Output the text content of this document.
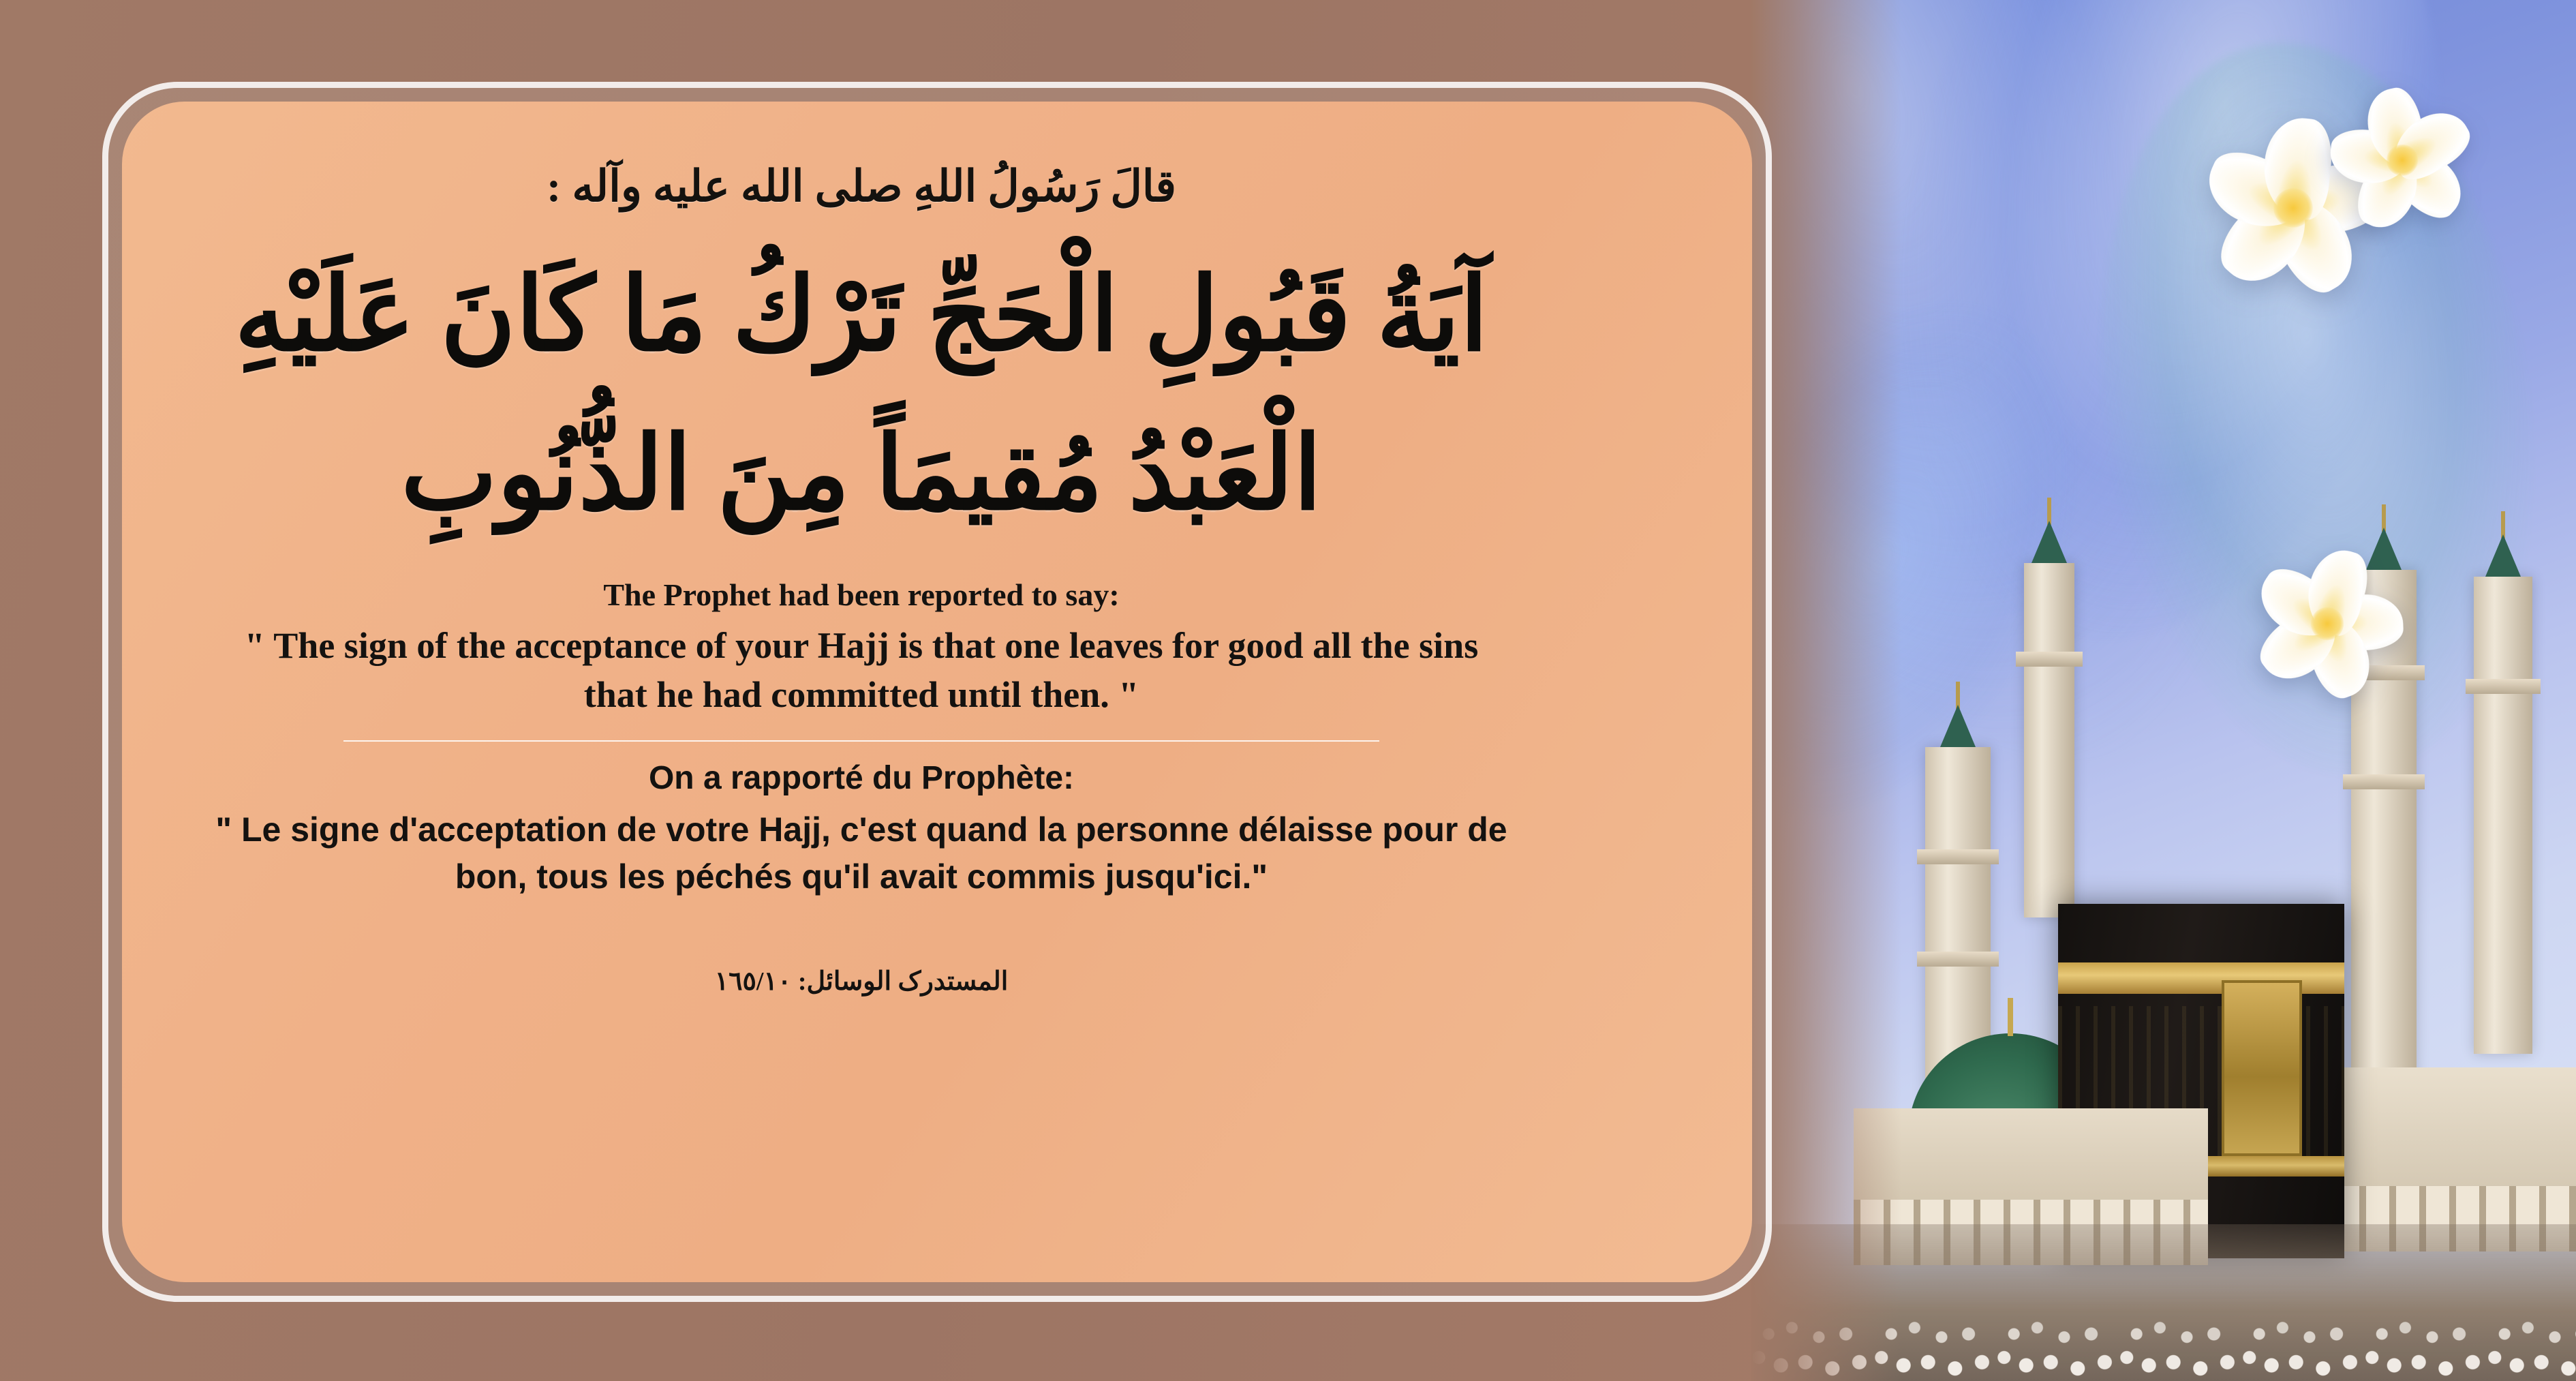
قالَ رَسُولُ اللهِ صلى الله عليه وآله :
آيَةُ قَبُولِ الْحَجِّ تَرْكُ مَا كَانَ عَلَيْهِ الْعَبْدُ مُقيمَاً مِنَ الذُّنُوبِ
The Prophet had been reported to say:
" The sign of the acceptance of your Hajj is that one leaves for good all the sins that he had committed until then. "
On a rapporté du Prophète:
" Le signe d'acceptation de votre Hajj, c'est quand la personne délaisse pour de bon, tous les péchés qu'il avait commis jusqu'ici."
المستدرک الوسائل: ١٦٥/١٠
